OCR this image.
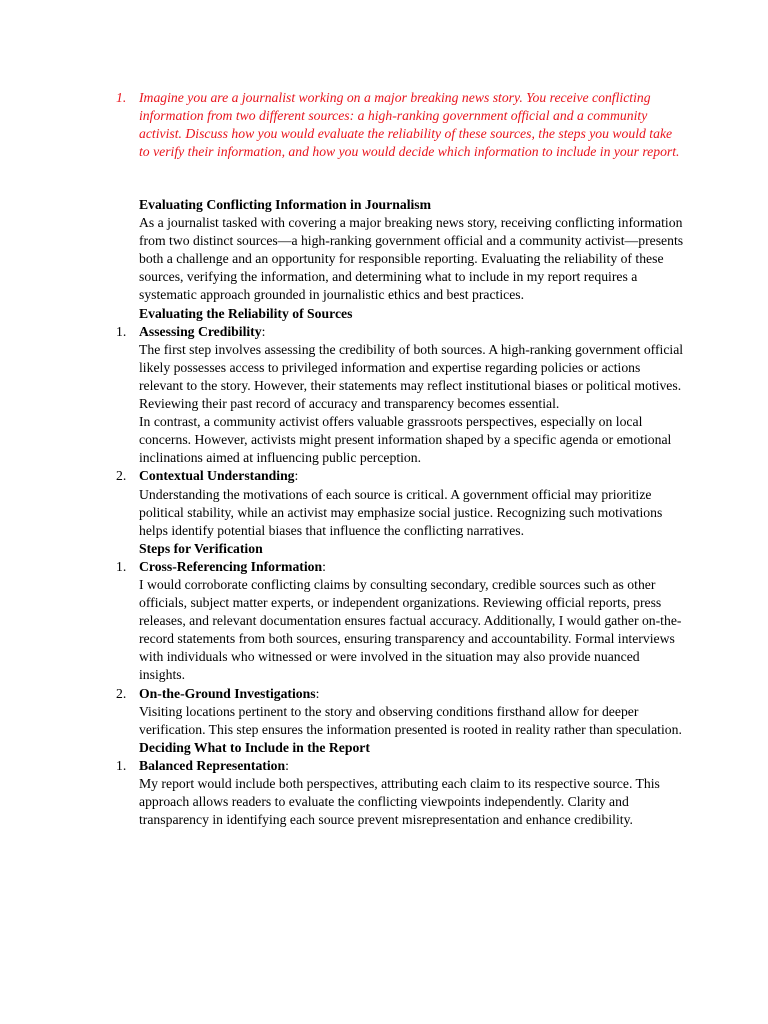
1. Imagine you are a journalist working on a major breaking news story. You receive conflicting information from two different sources: a high-ranking government official and a community activist. Discuss how you would evaluate the reliability of these sources, the steps you would take to verify their information, and how you would decide which information to include in your report.

Evaluating Conflicting Information in Journalism

As a journalist tasked with covering a major breaking news story, receiving conflicting information from two distinct sources—a high-ranking government official and a community activist—presents both a challenge and an opportunity for responsible reporting. Evaluating the reliability of these sources, verifying the information, and determining what to include in my report requires a systematic approach grounded in journalistic ethics and best practices.

Evaluating the Reliability of Sources

1. Assessing Credibility:

The first step involves assessing the credibility of both sources. A high-ranking government official likely possesses access to privileged information and expertise regarding policies or actions relevant to the story. However, their statements may reflect institutional biases or political motives. Reviewing their past record of accuracy and transparency becomes essential.

In contrast, a community activist offers valuable grassroots perspectives, especially on local concerns. However, activists might present information shaped by a specific agenda or emotional inclinations aimed at influencing public perception.

2. Contextual Understanding:

Understanding the motivations of each source is critical. A government official may prioritize political stability, while an activist may emphasize social justice. Recognizing such motivations helps identify potential biases that influence the conflicting narratives.

Steps for Verification

1. Cross-Referencing Information:

I would corroborate conflicting claims by consulting secondary, credible sources such as other officials, subject matter experts, or independent organizations. Reviewing official reports, press releases, and relevant documentation ensures factual accuracy. Additionally, I would gather on-the-record statements from both sources, ensuring transparency and accountability. Formal interviews with individuals who witnessed or were involved in the situation may also provide nuanced insights.

2. On-the-Ground Investigations:

Visiting locations pertinent to the story and observing conditions firsthand allow for deeper verification. This step ensures the information presented is rooted in reality rather than speculation.

Deciding What to Include in the Report

1. Balanced Representation:

My report would include both perspectives, attributing each claim to its respective source. This approach allows readers to evaluate the conflicting viewpoints independently. Clarity and transparency in identifying each source prevent misrepresentation and enhance credibility.
